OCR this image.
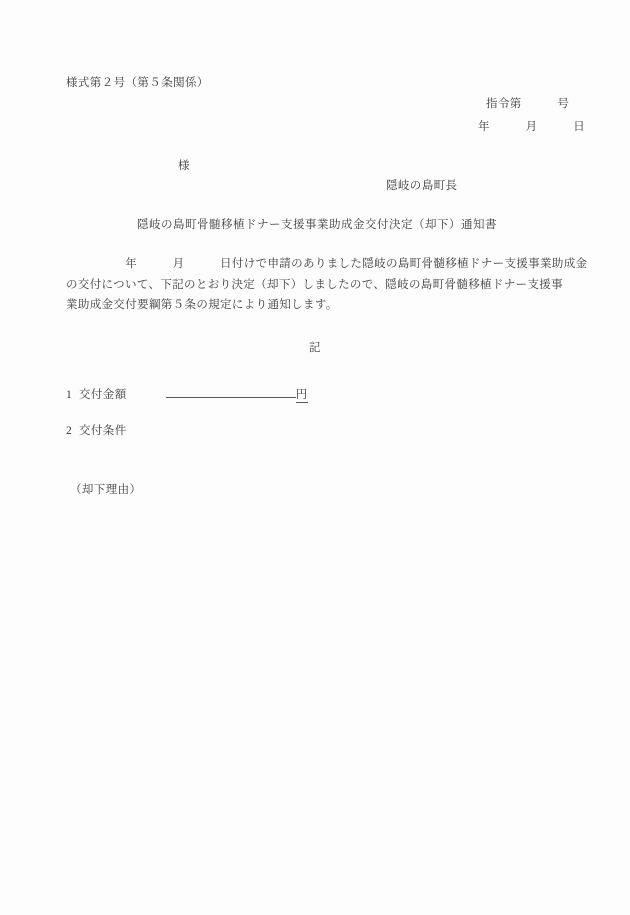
様式第２号（第５条関係）
指令第　　　号
年　　　月　　　日
様
隠岐の島町長
隠岐の島町骨髄移植ドナー支援事業助成金交付決定（却下）通知書
　　　　　年　　　月　　　日付けで申請のありました隠岐の島町骨髄移植ドナー支援事業助成金
の交付について、下記のとおり決定（却下）しましたので、隠岐の島町骨髄移植ドナー支援事
業助成金交付要綱第５条の規定により通知します。
記
1 交付金額	円
2 交付条件
（却下理由）
